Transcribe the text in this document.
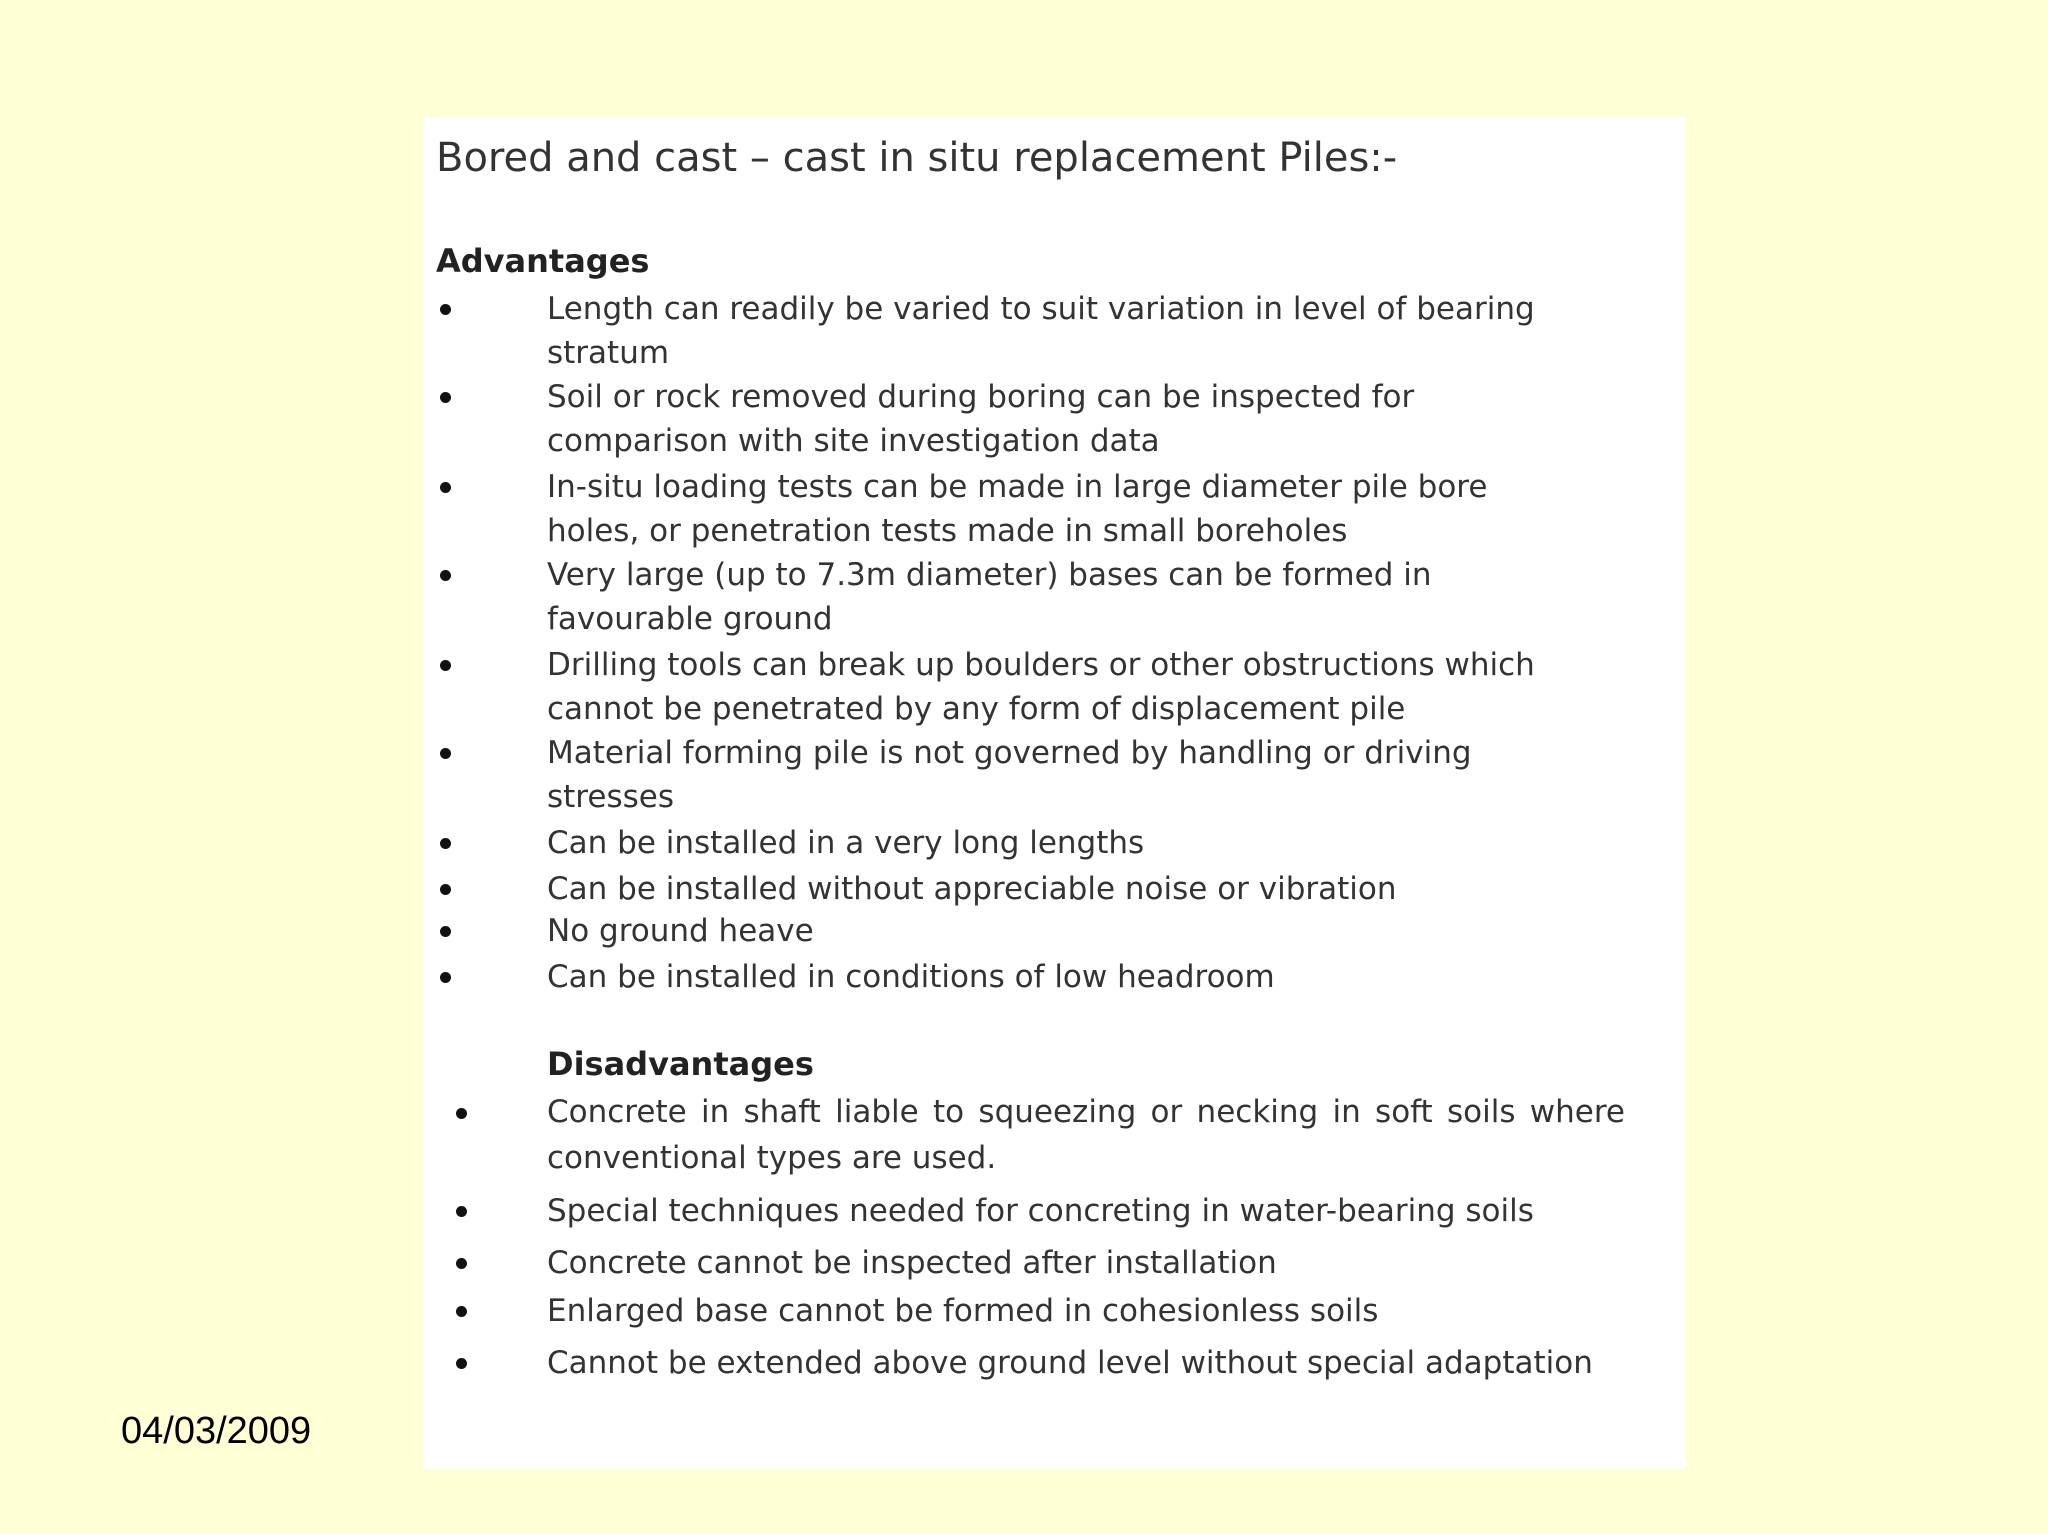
Bored and cast – cast in situ replacement Piles:-
Advantages
Length can readily be varied to suit variation in level of bearing stratum
Soil or rock removed during boring can be inspected for comparison with site investigation data
In-situ loading tests can be made in large diameter pile bore holes, or penetration tests made in small boreholes
Very large (up to 7.3m diameter) bases can be formed in favourable ground
Drilling tools can break up boulders or other obstructions which cannot be penetrated by any form of displacement pile
Material forming pile is not governed by handling or driving stresses
Can be installed in a very long lengths
Can be installed without appreciable noise or vibration
No ground heave
Can be installed in conditions of low headroom
Disadvantages
Concrete in shaft liable to squeezing or necking in soft soils where conventional types are used.
Special techniques needed for concreting in water-bearing soils
Concrete cannot be inspected after installation
Enlarged base cannot be formed in cohesionless soils
Cannot be extended above ground level without special adaptation
04/03/2009
